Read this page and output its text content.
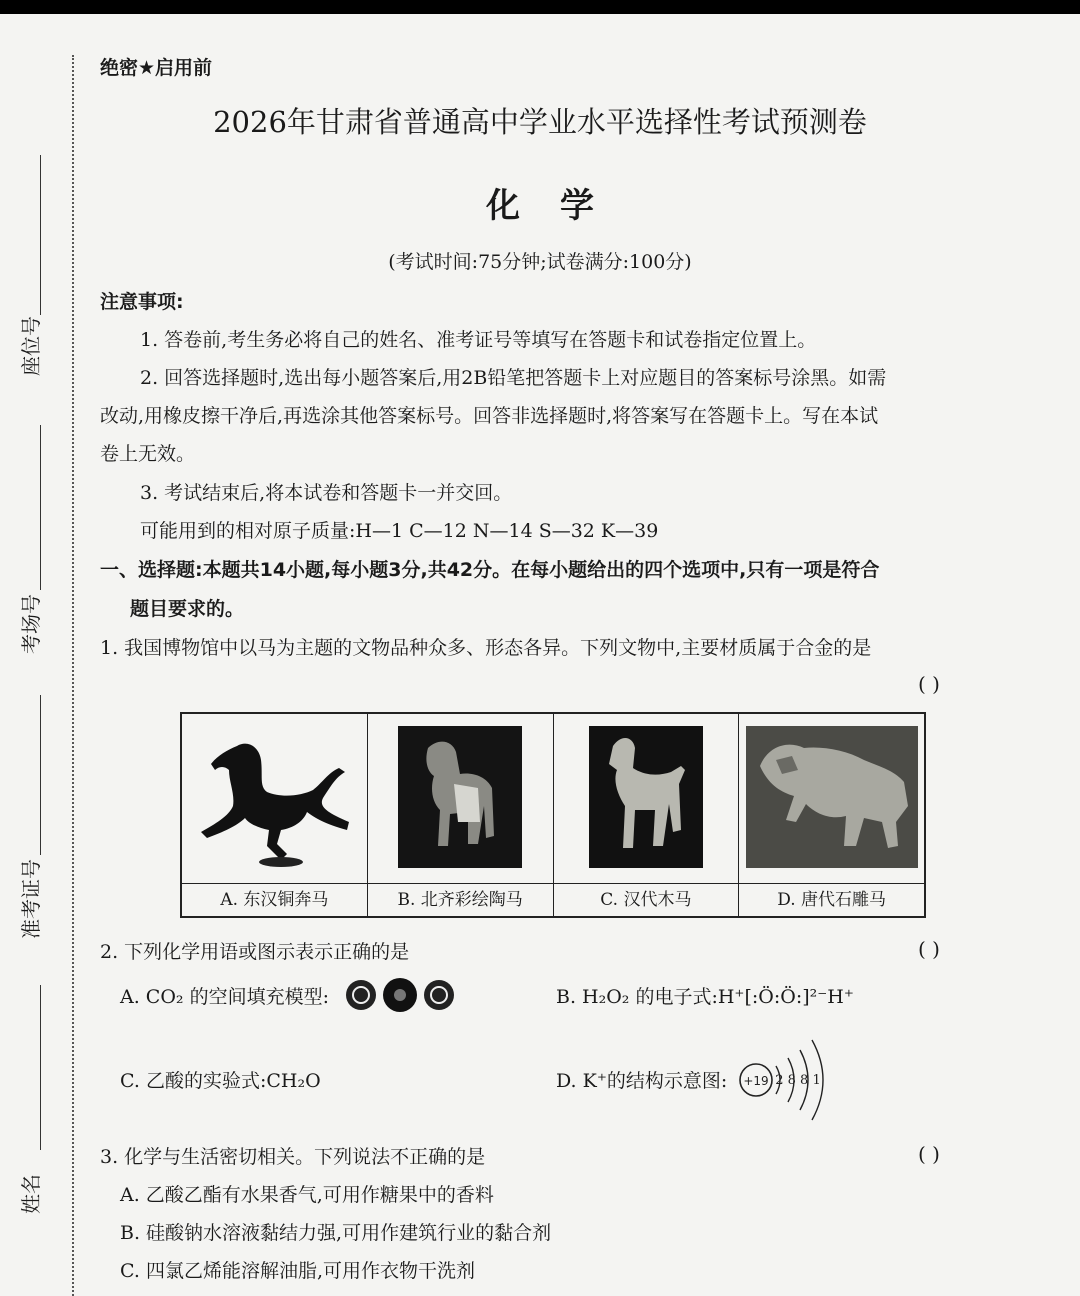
座位号
考场号
准考证号
姓名
绝密★启用前
2026年甘肃省普通高中学业水平选择性考试预测卷
化学
(考试时间:75分钟;试卷满分:100分)
注意事项:
1. 答卷前,考生务必将自己的姓名、准考证号等填写在答题卡和试卷指定位置上。
2. 回答选择题时,选出每小题答案后,用2B铅笔把答题卡上对应题目的答案标号涂黑。如需
改动,用橡皮擦干净后,再选涂其他答案标号。回答非选择题时,将答案写在答题卡上。写在本试
卷上无效。
3. 考试结束后,将本试卷和答题卡一并交回。
可能用到的相对原子质量:H—1 C—12 N—14 S—32 K—39
一、选择题:本题共14小题,每小题3分,共42分。在每小题给出的四个选项中,只有一项是符合
题目要求的。
1. 我国博物馆中以马为主题的文物品种众多、形态各异。下列文物中,主要材质属于合金的是
( )
A. 东汉铜奔马	B. 北齐彩绘陶马	C. 汉代木马	D. 唐代石雕马
2. 下列化学用语或图示表示正确的是	( )
A. CO₂ 的空间填充模型:	B. H₂O₂ 的电子式:H⁺[:Ö:Ö:]²⁻H⁺
C. 乙酸的实验式:CH₂O	D. K⁺的结构示意图: +19 2 8 8 1
3. 化学与生活密切相关。下列说法不正确的是	( )
A. 乙酸乙酯有水果香气,可用作糖果中的香料
B. 硅酸钠水溶液黏结力强,可用作建筑行业的黏合剂
C. 四氯乙烯能溶解油脂,可用作衣物干洗剂
